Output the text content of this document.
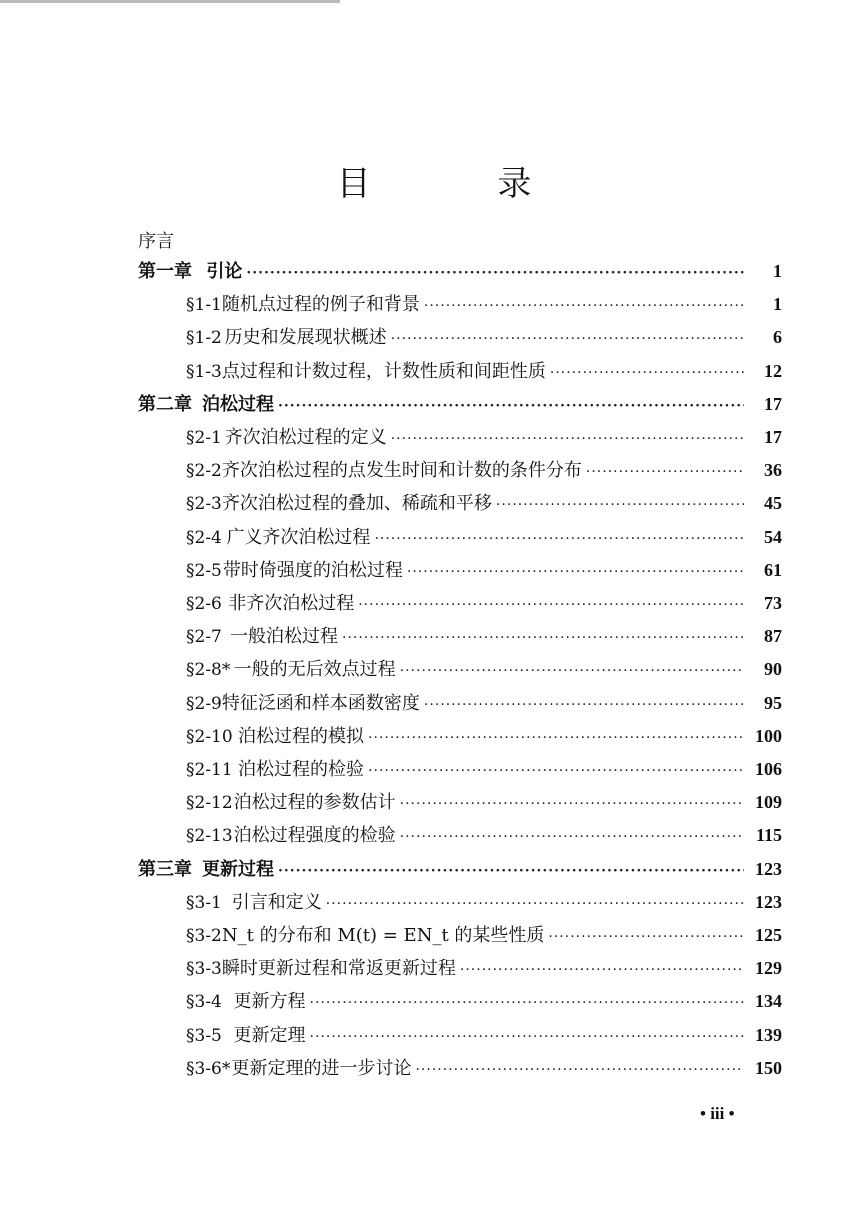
目 录
序言
第一章 引论 ·····	1
§1-1 随机点过程的例子和背景 ·····	1
§1-2 历史和发展现状概述 ·····	6
§1-3 点过程和计数过程，计数性质和间距性质 ·····	12
第二章 泊松过程 ·····	17
§2-1 齐次泊松过程的定义 ·····	17
§2-2 齐次泊松过程的点发生时间和计数的条件分布 ·····	36
§2-3 齐次泊松过程的叠加、稀疏和平移 ·····	45
§2-4 广义齐次泊松过程 ·····	54
§2-5 带时倚强度的泊松过程 ·····	61
§2-6 非齐次泊松过程 ·····	73
§2-7 一般泊松过程 ·····	87
§2-8* 一般的无后效点过程 ·····	90
§2-9 特征泛函和样本函数密度 ·····	95
§2-10 泊松过程的模拟 ·····	100
§2-11 泊松过程的检验 ·····	106
§2-12 泊松过程的参数估计 ·····	109
§2-13 泊松过程强度的检验 ·····	115
第三章 更新过程 ·····	123
§3-1 引言和定义 ·····	123
§3-2 N_t 的分布和 M(t) = EN_t 的某些性质 ·····	125
§3-3 瞬时更新过程和常返更新过程 ·····	129
§3-4 更新方程 ·····	134
§3-5 更新定理 ·····	139
§3-6* 更新定理的进一步讨论 ·····	150
• iii •
